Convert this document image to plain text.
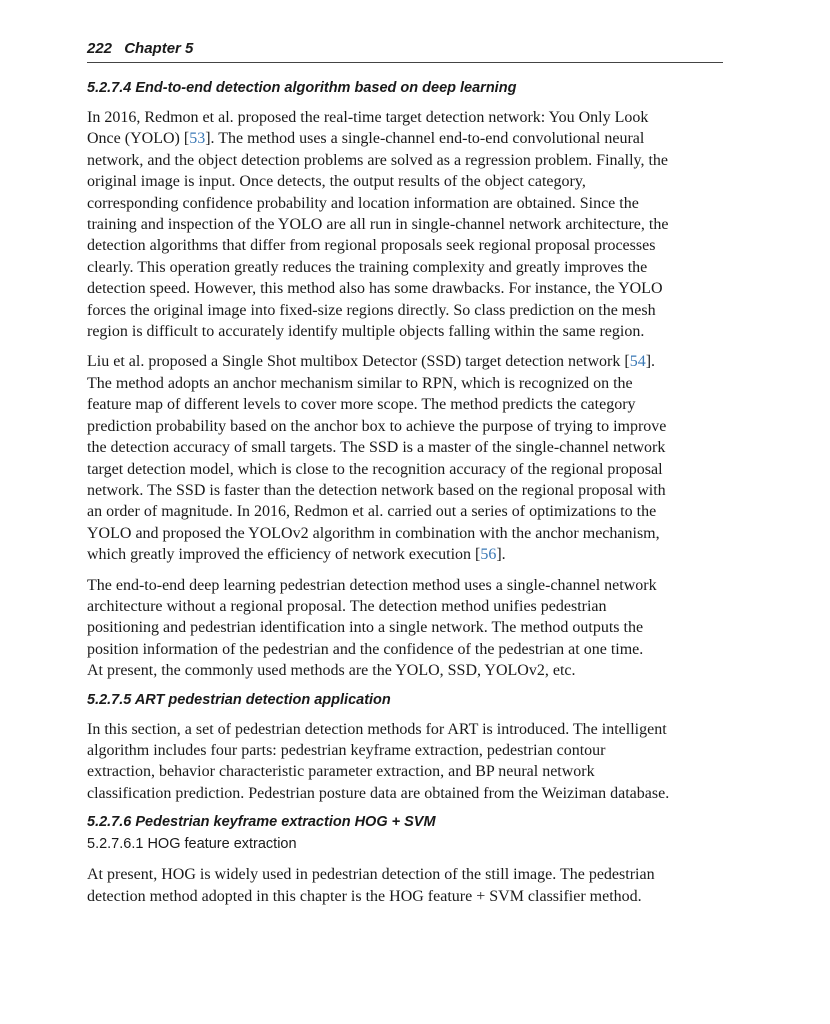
222 Chapter 5
5.2.7.4 End-to-end detection algorithm based on deep learning

In 2016, Redmon et al. proposed the real-time target detection network: You Only Look
Once (YOLO) [53]. The method uses a single-channel end-to-end convolutional neural
network, and the object detection problems are solved as a regression problem. Finally, the
original image is input. Once detects, the output results of the object category,
corresponding confidence probability and location information are obtained. Since the
training and inspection of the YOLO are all run in single-channel network architecture, the
detection algorithms that differ from regional proposals seek regional proposal processes
clearly. This operation greatly reduces the training complexity and greatly improves the
detection speed. However, this method also has some drawbacks. For instance, the YOLO
forces the original image into fixed-size regions directly. So class prediction on the mesh
region is difficult to accurately identify multiple objects falling within the same region.

Liu et al. proposed a Single Shot multibox Detector (SSD) target detection network [54].
The method adopts an anchor mechanism similar to RPN, which is recognized on the
feature map of different levels to cover more scope. The method predicts the category
prediction probability based on the anchor box to achieve the purpose of trying to improve
the detection accuracy of small targets. The SSD is a master of the single-channel network
target detection model, which is close to the recognition accuracy of the regional proposal
network. The SSD is faster than the detection network based on the regional proposal with
an order of magnitude. In 2016, Redmon et al. carried out a series of optimizations to the
YOLO and proposed the YOLOv2 algorithm in combination with the anchor mechanism,
which greatly improved the efficiency of network execution [56].

The end-to-end deep learning pedestrian detection method uses a single-channel network
architecture without a regional proposal. The detection method unifies pedestrian
positioning and pedestrian identification into a single network. The method outputs the
position information of the pedestrian and the confidence of the pedestrian at one time.
At present, the commonly used methods are the YOLO, SSD, YOLOv2, etc.

5.2.7.5 ART pedestrian detection application

In this section, a set of pedestrian detection methods for ART is introduced. The intelligent
algorithm includes four parts: pedestrian keyframe extraction, pedestrian contour
extraction, behavior characteristic parameter extraction, and BP neural network
classification prediction. Pedestrian posture data are obtained from the Weiziman database.

5.2.7.6 Pedestrian keyframe extraction HOG + SVM
5.2.7.6.1 HOG feature extraction

At present, HOG is widely used in pedestrian detection of the still image. The pedestrian
detection method adopted in this chapter is the HOG feature + SVM classifier method.
